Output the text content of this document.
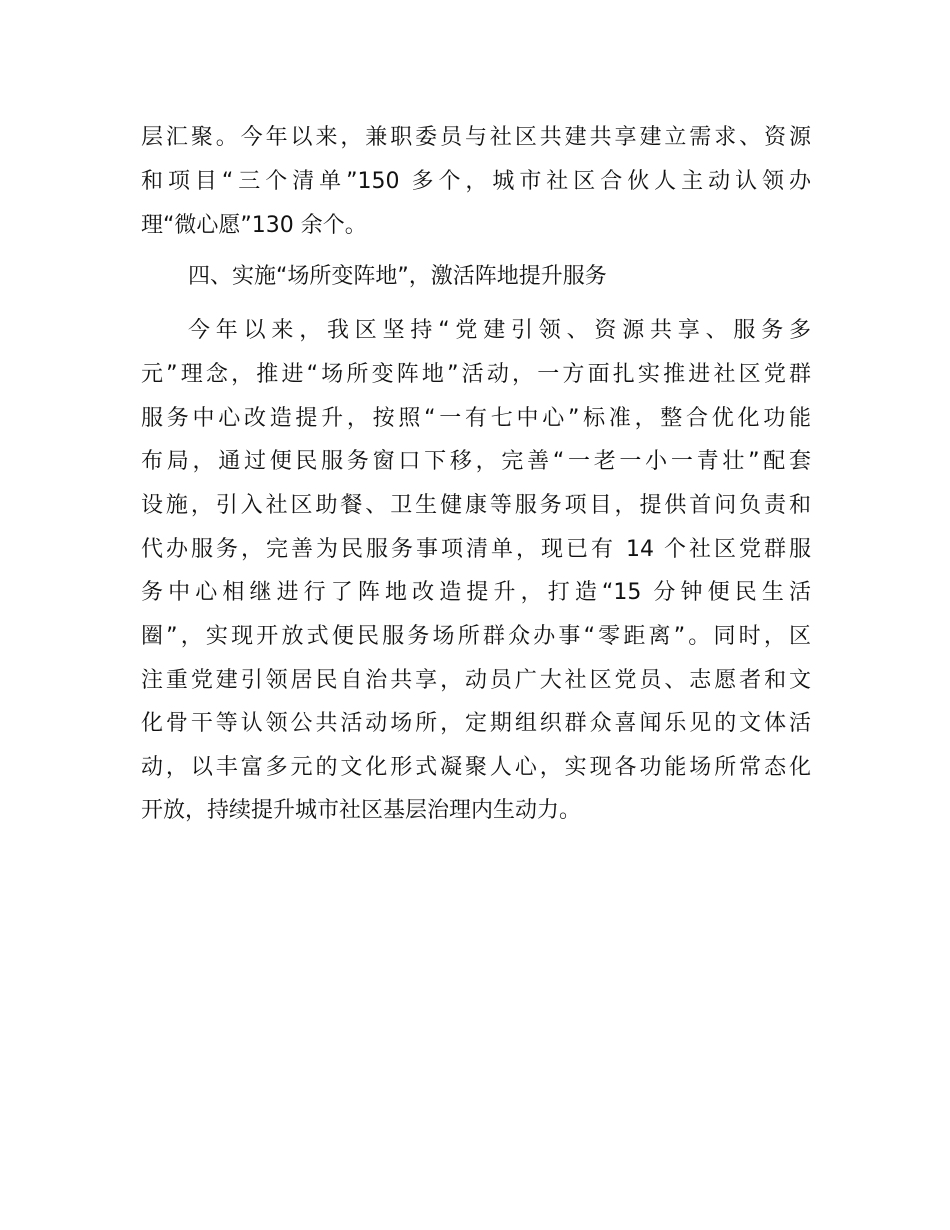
层汇聚。今年以来，兼职委员与社区共建共享建立需求、资源
和项目“三个清单”150 多个，城市社区合伙人主动认领办
理“微心愿”130 余个。
四、实施“场所变阵地”，激活阵地提升服务
今年以来，我区坚持“党建引领、资源共享、服务多
元”理念，推进“场所变阵地”活动，一方面扎实推进社区党群
服务中心改造提升，按照“一有七中心”标准，整合优化功能
布局，通过便民服务窗口下移，完善“一老一小一青壮”配套
设施，引入社区助餐、卫生健康等服务项目，提供首问负责和
代办服务，完善为民服务事项清单，现已有 14 个社区党群服
务中心相继进行了阵地改造提升，打造“15 分钟便民生活
圈”，实现开放式便民服务场所群众办事“零距离”。同时，区
注重党建引领居民自治共享，动员广大社区党员、志愿者和文
化骨干等认领公共活动场所，定期组织群众喜闻乐见的文体活
动，以丰富多元的文化形式凝聚人心，实现各功能场所常态化
开放，持续提升城市社区基层治理内生动力。
